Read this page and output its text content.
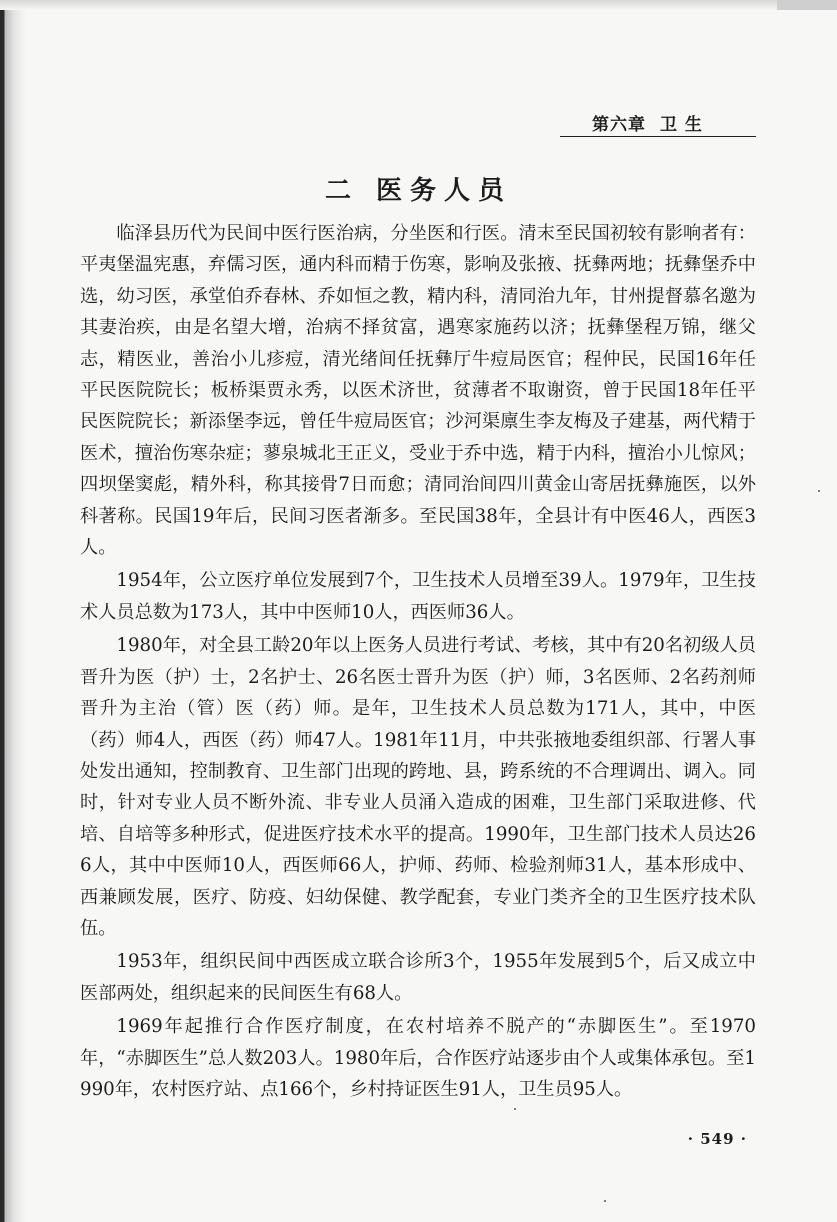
第六章 卫 生
二 医务人员

临泽县历代为民间中医行医治病，分坐医和行医。清末至民国初较有影响者有：平夷堡温宪惠，弃儒习医，通内科而精于伤寒，影响及张掖、抚彝两地；抚彝堡乔中选，幼习医，承堂伯乔春林、乔如恒之教，精内科，清同治九年，甘州提督慕名邀为其妻治疾，由是名望大增，治病不择贫富，遇寒家施药以济；抚彝堡程万锦，继父志，精医业，善治小儿疹痘，清光绪间任抚彝厅牛痘局医官；程仲民，民国16年任平民医院院长；板桥渠贾永秀，以医术济世，贫薄者不取谢资，曾于民国18年任平民医院院长；新添堡李远，曾任牛痘局医官；沙河渠廪生李友梅及子建基，两代精于医术，擅治伤寒杂症；蓼泉城北王正义，受业于乔中选，精于内科，擅治小儿惊风；四坝堡窦彪，精外科，称其接骨7日而愈；清同治间四川黄金山寄居抚彝施医，以外科著称。民国19年后，民间习医者渐多。至民国38年，全县计有中医46人，西医3人。

1954年，公立医疗单位发展到7个，卫生技术人员增至39人。1979年，卫生技术人员总数为173人，其中中医师10人，西医师36人。

1980年，对全县工龄20年以上医务人员进行考试、考核，其中有20名初级人员晋升为医（护）士，2名护士、26名医士晋升为医（护）师，3名医师、2名药剂师晋升为主治（管）医（药）师。是年，卫生技术人员总数为171人，其中，中医（药）师4人，西医（药）师47人。1981年11月，中共张掖地委组织部、行署人事处发出通知，控制教育、卫生部门出现的跨地、县，跨系统的不合理调出、调入。同时，针对专业人员不断外流、非专业人员涌入造成的困难，卫生部门采取进修、代培、自培等多种形式，促进医疗技术水平的提高。1990年，卫生部门技术人员达266人，其中中医师10人，西医师66人，护师、药师、检验剂师31人，基本形成中、西兼顾发展，医疗、防疫、妇幼保健、教学配套，专业门类齐全的卫生医疗技术队伍。

1953年，组织民间中西医成立联合诊所3个，1955年发展到5个，后又成立中医部两处，组织起来的民间医生有68人。

1969年起推行合作医疗制度，在农村培养不脱产的“赤脚医生”。至1970年，“赤脚医生”总人数203人。1980年后，合作医疗站逐步由个人或集体承包。至1990年，农村医疗站、点166个，乡村持证医生91人，卫生员95人。

· 549 ·
